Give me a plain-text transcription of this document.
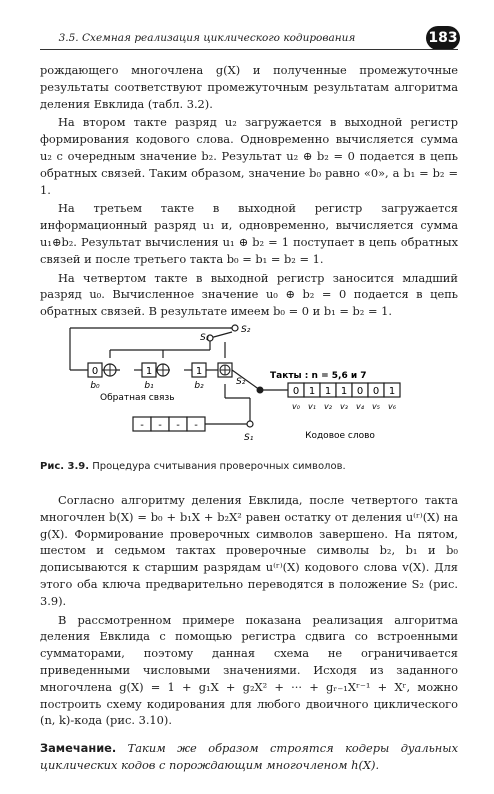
3.5. Схемная реализация циклического кодирования	183

рождающего многочлена g(X) и полученные промежуточные результаты соответствуют промежуточным результатам алгоритма деления Евклида (табл. 3.2).

На втором такте разряд u₂ загружается в выходной регистр формирования кодового слова. Одновременно вычисляется сумма u₂ с очередным значение b₂. Результат u₂ ⊕ b₂ = 0 подается в цепь обратных связей. Таким образом, значение b₀ равно «0», а b₁ = b₂ = 1.

На третьем такте в выходной регистр загружается информационный разряд u₁ и, одновременно, вычисляется сумма u₁⊕b₂. Результат вычисления u₁ ⊕ b₂ = 1 поступает в цепь обратных связей и после третьего такта b₀ = b₁ = b₂ = 1.

На четвертом такте в выходной регистр заносится младший разряд u₀. Вычисленное значение u₀ ⊕ b₂ = 0 подается в цепь обратных связей. В результате имеем b₀ = 0 и b₁ = b₂ = 1.

0	1	1
b₀	b₁	b₂
Обратная связь
S₁
S₂
S₂
S₁
Такты : n = 5,6 и 7
0
v₀
1
v₁
1
v₂
1
v₃
0
v₄
0
v₅
1
v₆
Кодовое слово
- - - -
Рис. 3.9. Процедура считывания проверочных символов.

Согласно алгоритму деления Евклида, после четвертого такта многочлен b(X) = b₀ + b₁X + b₂X² равен остатку от деления u⁽ʳ⁾(X) на g(X). Формирование проверочных символов завершено. На пятом, шестом и седьмом тактах проверочные символы b₂, b₁ и b₀ дописываются к старшим разрядам u⁽ʳ⁾(X) кодового слова v(X). Для этого оба ключа предварительно переводятся в положение S₂ (рис. 3.9).

В рассмотренном примере показана реализация алгоритма деления Евклида с помощью регистра сдвига со встроенными сумматорами, поэтому данная схема не ограничивается приведенными числовыми значениями. Исходя из заданного многочлена g(X) = 1 + g₁X + g₂X² + ··· + gᵣ₋₁Xʳ⁻¹ + Xʳ, можно построить схему кодирования для любого двоичного циклического (n, k)-кода (рис. 3.10).

Замечание. Таким же образом строятся кодеры дуальных циклических кодов с порождающим многочленом h(X).
